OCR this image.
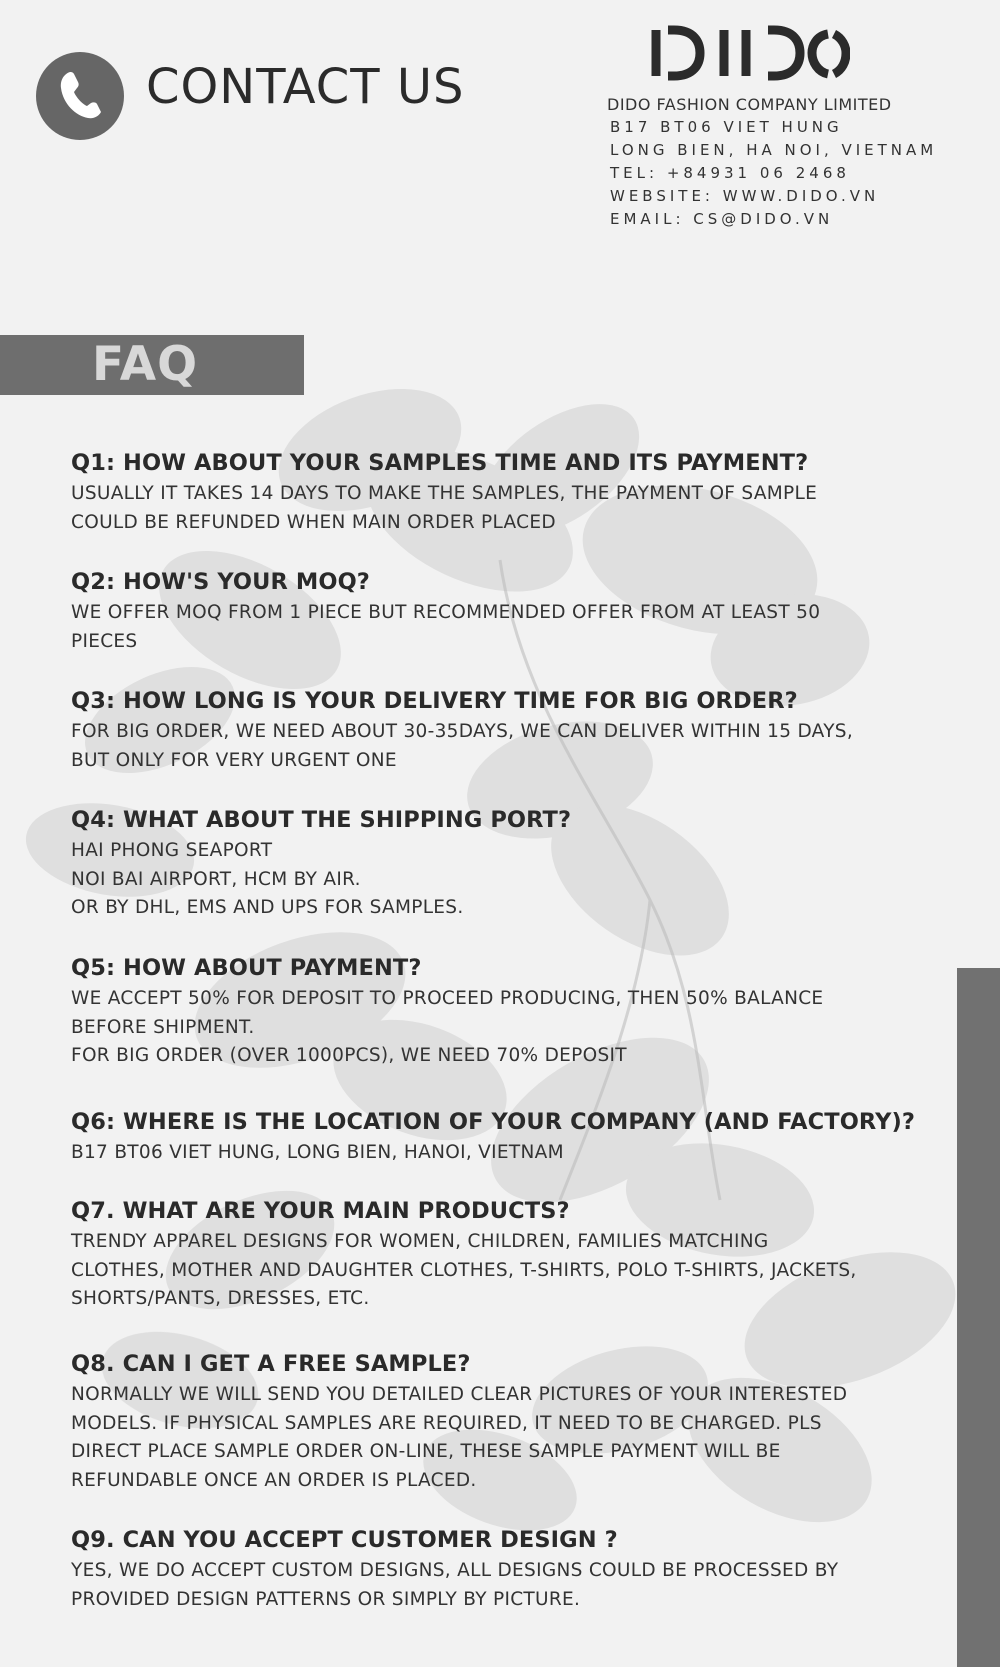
CONTACT US	DIDO FASHION COMPANY LIMITED
B17 BT06 VIET HUNG
LONG BIEN, HA NOI, VIETNAM
TEL: +84931 06 2468
WEBSITE: WWW.DIDO.VN
EMAIL: CS@DIDO.VN
FAQ
Q1: HOW ABOUT YOUR SAMPLES TIME AND ITS PAYMENT?
USUALLY IT TAKES 14 DAYS TO MAKE THE SAMPLES, THE PAYMENT OF SAMPLE
COULD BE REFUNDED WHEN MAIN ORDER PLACED
Q2: HOW'S YOUR MOQ?
WE OFFER MOQ FROM 1 PIECE BUT RECOMMENDED OFFER FROM AT LEAST 50
PIECES
Q3: HOW LONG IS YOUR DELIVERY TIME FOR BIG ORDER?
FOR BIG ORDER, WE NEED ABOUT 30-35DAYS, WE CAN DELIVER WITHIN 15 DAYS,
BUT ONLY FOR VERY URGENT ONE
Q4: WHAT ABOUT THE SHIPPING PORT?
HAI PHONG SEAPORT
NOI BAI AIRPORT, HCM BY AIR.
OR BY DHL, EMS AND UPS FOR SAMPLES.
Q5: HOW ABOUT PAYMENT?
WE ACCEPT 50% FOR DEPOSIT TO PROCEED PRODUCING, THEN 50% BALANCE
BEFORE SHIPMENT.
FOR BIG ORDER (OVER 1000PCS), WE NEED 70% DEPOSIT
Q6: WHERE IS THE LOCATION OF YOUR COMPANY (AND FACTORY)?
B17 BT06 VIET HUNG, LONG BIEN, HANOI, VIETNAM
Q7. WHAT ARE YOUR MAIN PRODUCTS?
TRENDY APPAREL DESIGNS FOR WOMEN, CHILDREN, FAMILIES MATCHING
CLOTHES, MOTHER AND DAUGHTER CLOTHES, T-SHIRTS, POLO T-SHIRTS, JACKETS,
SHORTS/PANTS, DRESSES, ETC.
Q8. CAN I GET A FREE SAMPLE?
NORMALLY WE WILL SEND YOU DETAILED CLEAR PICTURES OF YOUR INTERESTED
MODELS. IF PHYSICAL SAMPLES ARE REQUIRED, IT NEED TO BE CHARGED. PLS
DIRECT PLACE SAMPLE ORDER ON-LINE, THESE SAMPLE PAYMENT WILL BE
REFUNDABLE ONCE AN ORDER IS PLACED.
Q9. CAN YOU ACCEPT CUSTOMER DESIGN ?
YES, WE DO ACCEPT CUSTOM DESIGNS, ALL DESIGNS COULD BE PROCESSED BY
PROVIDED DESIGN PATTERNS OR SIMPLY BY PICTURE.
